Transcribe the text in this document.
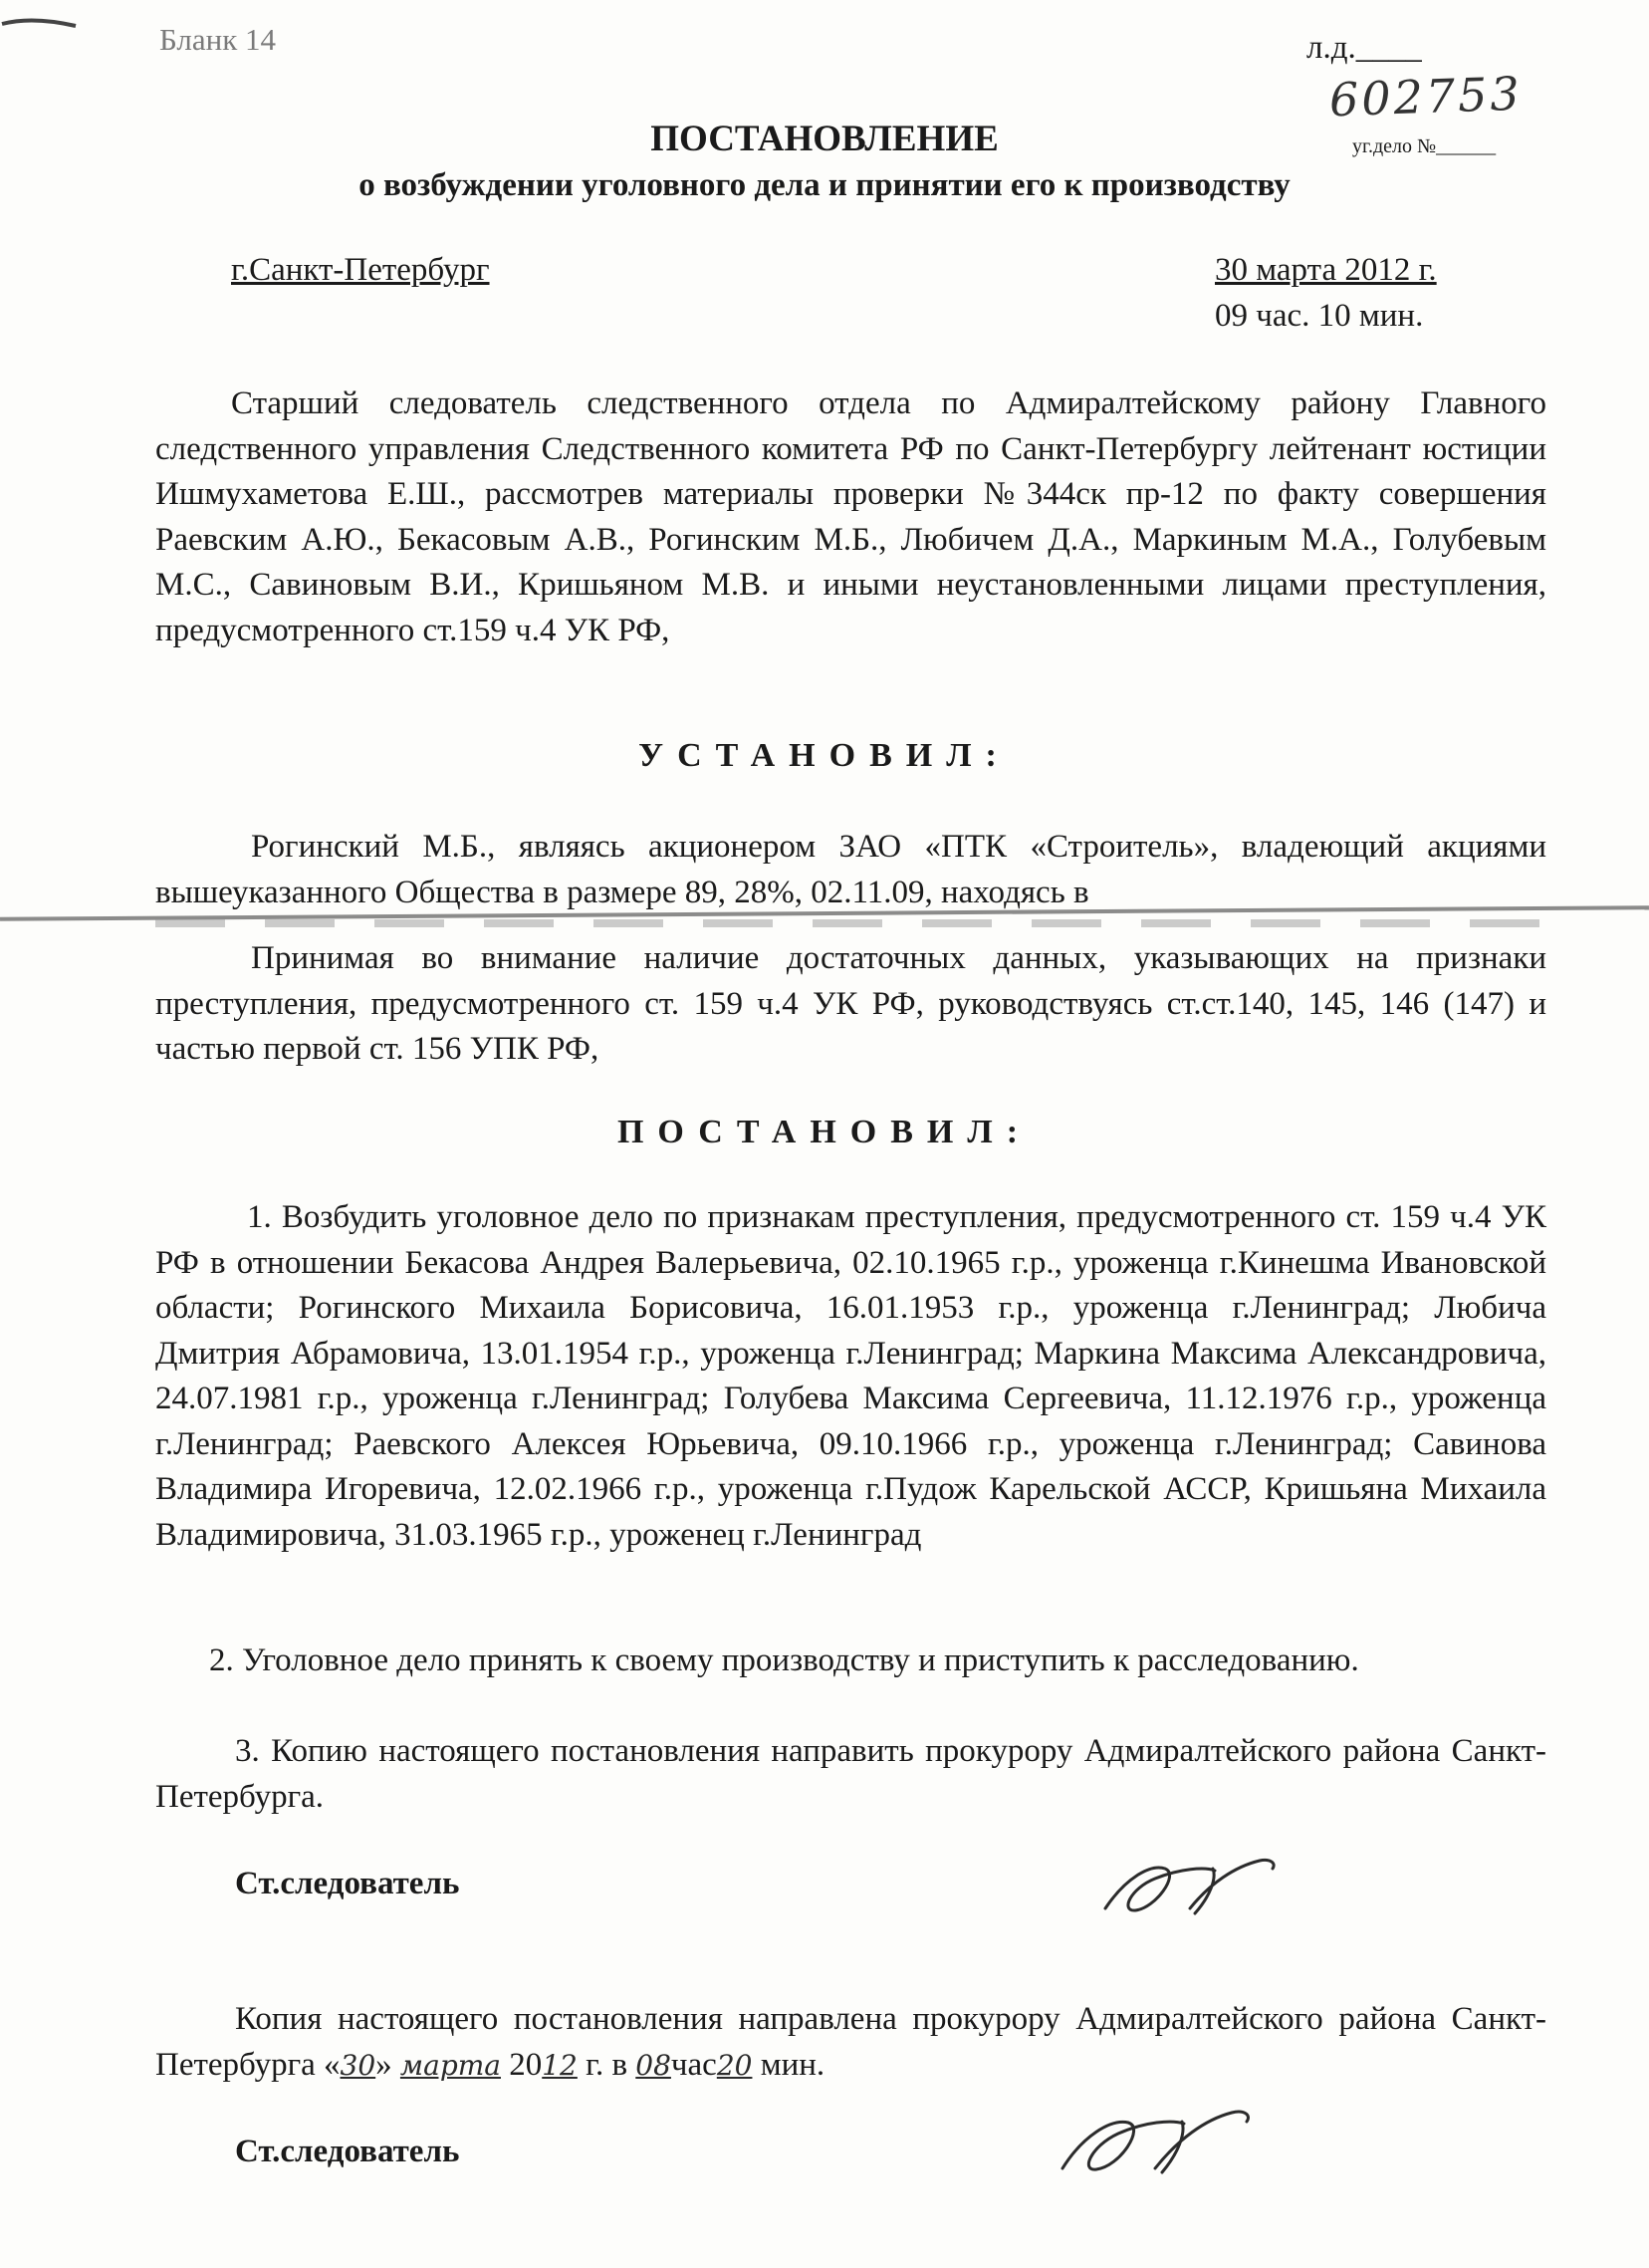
Бланк 14	л.д.____
602753
уг.дело №______
ПОСТАНОВЛЕНИЕ
о возбуждении уголовного дела и принятии его к производству
г.Санкт-Петербург	30 марта 2012 г.
09 час. 10 мин.
Старший следователь следственного отдела по Адмиралтейскому району Главного следственного управления Следственного комитета РФ по Санкт-Петербургу лейтенант юстиции Ишмухаметова Е.Ш., рассмотрев материалы проверки №344ск пр-12 по факту совершения Раевским А.Ю., Бекасовым А.В., Рогинским М.Б., Любичем Д.А., Маркиным М.А., Голубевым М.С., Савиновым В.И., Кришьяном М.В. и иными неустановленными лицами преступления, предусмотренного ст.159 ч.4 УК РФ,
УСТАНОВИЛ:
Рогинский М.Б., являясь акционером ЗАО «ПТК «Строитель», владеющий акциями вышеуказанного Общества в размере 89, 28%, 02.11.09, находясь в
Принимая во внимание наличие достаточных данных, указывающих на признаки преступления, предусмотренного ст. 159 ч.4 УК РФ, руководствуясь ст.ст.140, 145, 146 (147) и частью первой ст. 156 УПК РФ,
ПОСТАНОВИЛ:
1. Возбудить уголовное дело по признакам преступления, предусмотренного ст. 159 ч.4 УК РФ в отношении Бекасова Андрея Валерьевича, 02.10.1965 г.р., уроженца г.Кинешма Ивановской области; Рогинского Михаила Борисовича, 16.01.1953 г.р., уроженца г.Ленинград; Любича Дмитрия Абрамовича, 13.01.1954 г.р., уроженца г.Ленинград; Маркина Максима Александровича, 24.07.1981 г.р., уроженца г.Ленинград; Голубева Максима Сергеевича, 11.12.1976 г.р., уроженца г.Ленинград; Раевского Алексея Юрьевича, 09.10.1966 г.р., уроженца г.Ленинград; Савинова Владимира Игоревича, 12.02.1966 г.р., уроженца г.Пудож Карельской АССР, Кришьяна Михаила Владимировича, 31.03.1965 г.р., уроженец г.Ленинград
2. Уголовное дело принять к своему производству и приступить к расследованию.
3. Копию настоящего постановления направить прокурору Адмиралтейского района Санкт-Петербурга.
Ст.следователь
Копия настоящего постановления направлена прокурору Адмиралтейского района Санкт-Петербурга «30» марта 2012 г. в 08час20 мин.
Ст.следователь
